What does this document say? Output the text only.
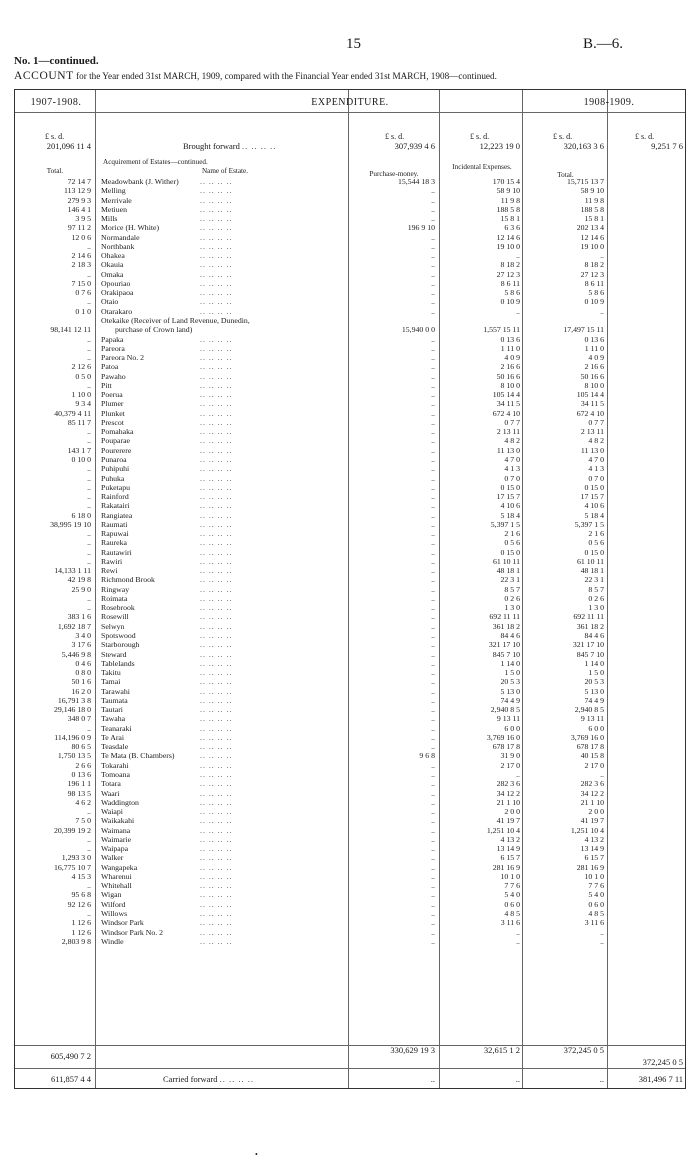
15	B.—6.
No. 1—continued.
ACCOUNT for the Year ended 31st MARCH, 1909, compared with the Financial Year ended 31st MARCH, 1908—continued.
1907-1908.	EXPENDITURE.	1908-1909.
£ s. d.	£ s. d.	£ s. d.	£ s. d.	£ s. d.
201,096 11 4	Brought forward .. .. .. ..	307,939 4 6	12,223 19 0	320,163 3 6	9,251 7 6
Total.
Acquirement of Estates—continued.
Name of Estate.	Purchase-money.
Incidental Expenses.
Total.
72 14 7 Meadowbank (J. Wither)	15,544 18 3	170 15 4	15,715 13 7
.. .. .. ..
113 12 9 Melling	..	58 9 10	58 9 10
.. .. .. ..
279 9 3 Merrivale	..	11 9 8	11 9 8
.. .. .. ..
146 4 1 Metiuen	..	188 5 8	188 5 8
.. .. .. ..
3 9 5 Mills	..	15 8 1	15 8 1
.. .. .. ..
97 11 2 Morice (H. White)	196 9 10	6 3 6	202 13 4
.. .. .. ..
12 0 6 Normandale	..	12 14 6	12 14 6
.. .. .. ..
.. Northbank	..	19 10 0	19 10 0
.. .. .. ..
2 14 6 Ohakea	..	..	..
.. .. .. ..
2 18 3 Okauia	..	8 18 2	8 18 2
.. .. .. ..
.. Omaka	..	27 12 3	27 12 3
.. .. .. ..
7 15 0 Opouriao	..	8 6 11	8 6 11
.. .. .. ..
0 7 6 Orakipaoa	..	5 8 6	5 8 6
.. .. .. ..
.. Otaio	..	0 10 9	0 10 9
.. .. .. ..
0 1 0 Otarakaro	..	..	..
.. .. .. ..
Otekaike (Receiver of Land Revenue, Dunedin,
98,141 12 11	purchase of Crown land)	15,940 0 0	1,557 15 11	17,497 15 11
.. Papaka	..	0 13 6	0 13 6
.. .. .. ..
.. Pareora	..	1 11 0	1 11 0
.. .. .. ..
.. Pareora No. 2	..	4 0 9	4 0 9
.. .. .. ..
2 12 6 Patoa	..	2 16 6	2 16 6
.. .. .. ..
0 5 0 Pawaho	..	50 16 6	50 16 6
.. .. .. ..
.. Pitt	..	8 10 0	8 10 0
.. .. .. ..
1 10 0 Poerua	..	105 14 4	105 14 4
.. .. .. ..
9 3 4 Plumer	..	34 11 5	34 11 5
.. .. .. ..
40,379 4 11 Plunket	..	672 4 10	672 4 10
.. .. .. ..
85 11 7 Prescot	..	0 7 7	0 7 7
.. .. .. ..
.. Pomahaka	..	2 13 11	2 13 11
.. .. .. ..
.. Pouparae	..	4 8 2	4 8 2
.. .. .. ..
143 1 7 Pourerere	..	11 13 0	11 13 0
.. .. .. ..
0 10 0 Punaroa	..	4 7 0	4 7 0
.. .. .. ..
.. Puhipuhi	..	4 1 3	4 1 3
.. .. .. ..
.. Puhuka	..	0 7 0	0 7 0
.. .. .. ..
.. Puketapu	..	0 15 0	0 15 0
.. .. .. ..
.. Rainford	..	17 15 7	17 15 7
.. .. .. ..
.. Rakatairi	..	4 10 6	4 10 6
.. .. .. ..
6 18 0 Rangiatea	..	5 18 4	5 18 4
.. .. .. ..
38,995 19 10 Raumati	..	5,397 1 5	5,397 1 5
.. .. .. ..
.. Rapuwai	..	2 1 6	2 1 6
.. .. .. ..
.. Raureka	..	0 5 6	0 5 6
.. .. .. ..
.. Rautawiri	..	0 15 0	0 15 0
.. .. .. ..
.. Rawiri	..	61 10 11	61 10 11
.. .. .. ..
14,133 1 11 Rewi	..	48 18 1	48 18 1
.. .. .. ..
42 19 8 Richmond Brook	..	22 3 1	22 3 1
.. .. .. ..
25 9 0 Ringway	..	8 5 7	8 5 7
.. .. .. ..
.. Roimata	..	0 2 6	0 2 6
.. .. .. ..
.. Rosebrook	..	1 3 0	1 3 0
.. .. .. ..
383 1 6 Rosewill	..	692 11 11	692 11 11
.. .. .. ..
1,692 18 7 Selwyn	..	361 18 2	361 18 2
.. .. .. ..
3 4 0 Spotswood	..	84 4 6	84 4 6
.. .. .. ..
3 17 6 Starborough	..	321 17 10	321 17 10
.. .. .. ..
5,446 9 8 Steward	..	845 7 10	845 7 10
.. .. .. ..
0 4 6 Tablelands	..	1 14 0	1 14 0
.. .. .. ..
0 8 0 Takitu	..	1 5 0	1 5 0
.. .. .. ..
50 1 6 Tamai	..	20 5 3	20 5 3
.. .. .. ..
16 2 0 Tarawahi	..	5 13 0	5 13 0
.. .. .. ..
16,791 3 8 Taumata	..	74 4 9	74 4 9
.. .. .. ..
29,146 18 0 Tautari	..	2,940 8 5	2,940 8 5
.. .. .. ..
348 0 7 Tawaha	..	9 13 11	9 13 11
.. .. .. ..
.. Teanaraki	..	6 0 0	6 0 0
.. .. .. ..
114,196 0 9 Te Arai	..	3,769 16 0	3,769 16 0
.. .. .. ..
80 6 5 Teasdale	..	678 17 8	678 17 8
.. .. .. ..
1,750 13 5 Te Mata (B. Chambers)	9 6 8	31 9 0	40 15 8
.. .. .. ..
2 6 6 Tokarahi	..	2 17 0	2 17 0
.. .. .. ..
0 13 6 Tomoana	..	..	..
.. .. .. ..
196 1 1 Totara	..	282 3 6	282 3 6
.. .. .. ..
98 13 5 Waari	..	34 12 2	34 12 2
.. .. .. ..
4 6 2 Waddington	..	21 1 10	21 1 10
.. .. .. ..
.. Waiapi	..	2 0 0	2 0 0
.. .. .. ..
7 5 0 Waikakahi	..	41 19 7	41 19 7
.. .. .. ..
20,399 19 2 Waimana	..	1,251 10 4	1,251 10 4
.. .. .. ..
.. Waimarie	..	4 13 2	4 13 2
.. .. .. ..
.. Waipapa	..	13 14 9	13 14 9
.. .. .. ..
1,293 3 0 Walker	..	6 15 7	6 15 7
.. .. .. ..
16,775 10 7 Wangapeka	..	281 16 9	281 16 9
.. .. .. ..
4 15 3 Wharenui	..	10 1 0	10 1 0
.. .. .. ..
.. Whitehall	..	7 7 6	7 7 6
.. .. .. ..
95 6 8 Wigan	..	5 4 0	5 4 0
.. .. .. ..
92 12 6 Wilford	..	0 6 0	0 6 0
.. .. .. ..
.. Willows	..	4 8 5	4 8 5
.. .. .. ..
1 12 6 Windsor Park	..	3 11 6	3 11 6
.. .. .. ..
1 12 6 Windsor Park No. 2	..	..	..
.. .. .. ..
2,803 9 8 Windle	..	..	..
.. .. .. ..
605,490 7 2
330,629 19 3	32,615 1 2	372,245 0 5
372,245 0 5
611,857 4 4	Carried forward .. .. .. ..	..	..	..	381,496 7 11
•
